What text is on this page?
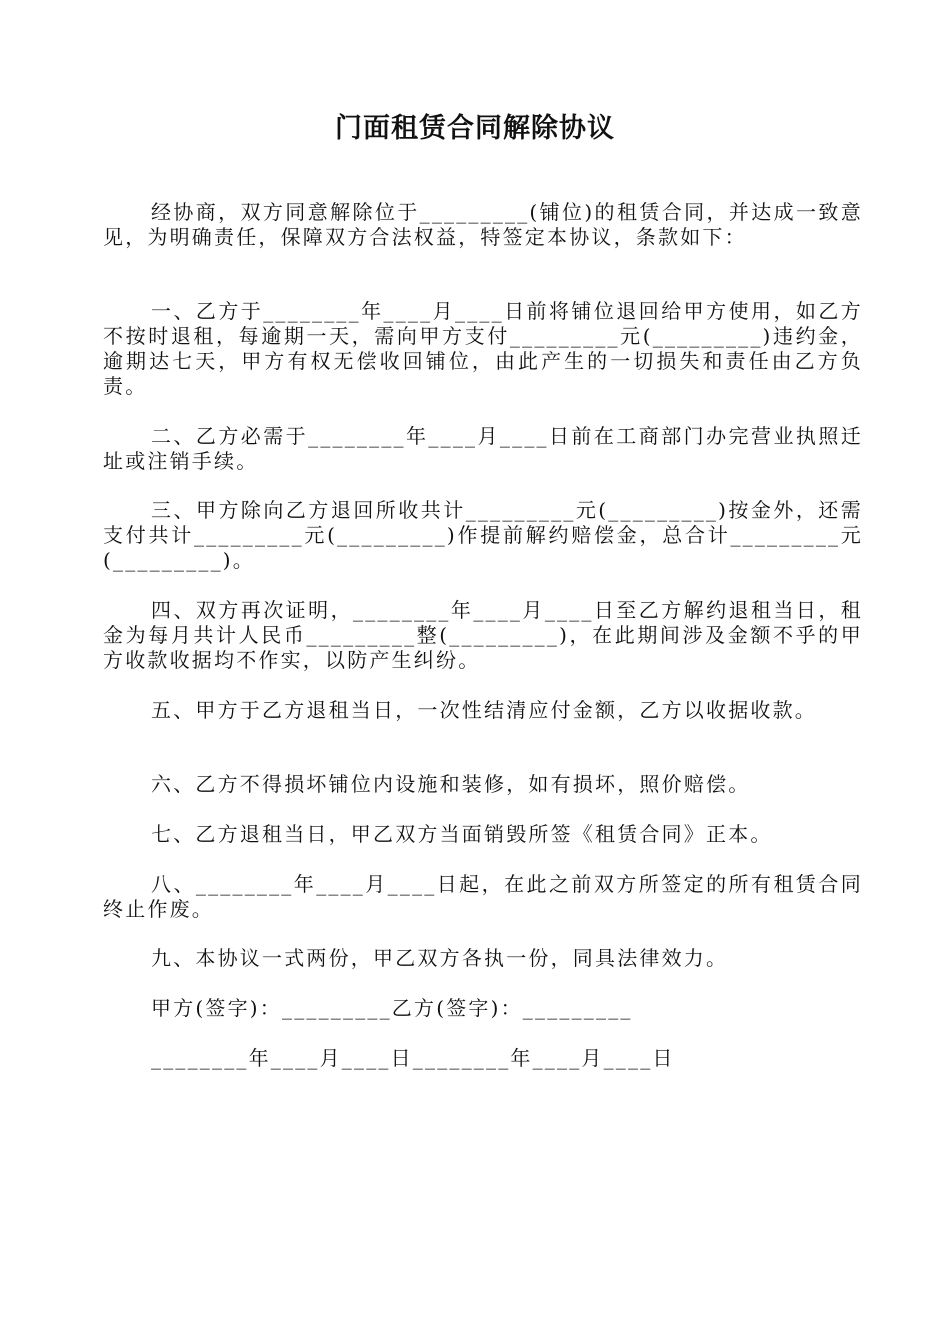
门面租赁合同解除协议

经协商，双方同意解除位于_________(铺位)的租赁合同，并达成一致意见，为明确责任，保障双方合法权益，特签定本协议，条款如下：

一、乙方于________年____月____日前将铺位退回给甲方使用，如乙方不按时退租，每逾期一天，需向甲方支付_________元(_________)违约金，逾期达七天，甲方有权无偿收回铺位，由此产生的一切损失和责任由乙方负责。

二、乙方必需于________年____月____日前在工商部门办完营业执照迁址或注销手续。

三、甲方除向乙方退回所收共计_________元(_________)按金外，还需支付共计_________元(_________)作提前解约赔偿金，总合计_________元(_________)。

四、双方再次证明，________年____月____日至乙方解约退租当日，租金为每月共计人民币_________整(_________)，在此期间涉及金额不乎的甲方收款收据均不作实，以防产生纠纷。

五、甲方于乙方退租当日，一次性结清应付金额，乙方以收据收款。

六、乙方不得损坏铺位内设施和装修，如有损坏，照价赔偿。

七、乙方退租当日，甲乙双方当面销毁所签《租赁合同》正本。

八、________年____月____日起，在此之前双方所签定的所有租赁合同终止作废。

九、本协议一式两份，甲乙双方各执一份，同具法律效力。

甲方(签字)：_________乙方(签字)：_________

________年____月____日________年____月____日
